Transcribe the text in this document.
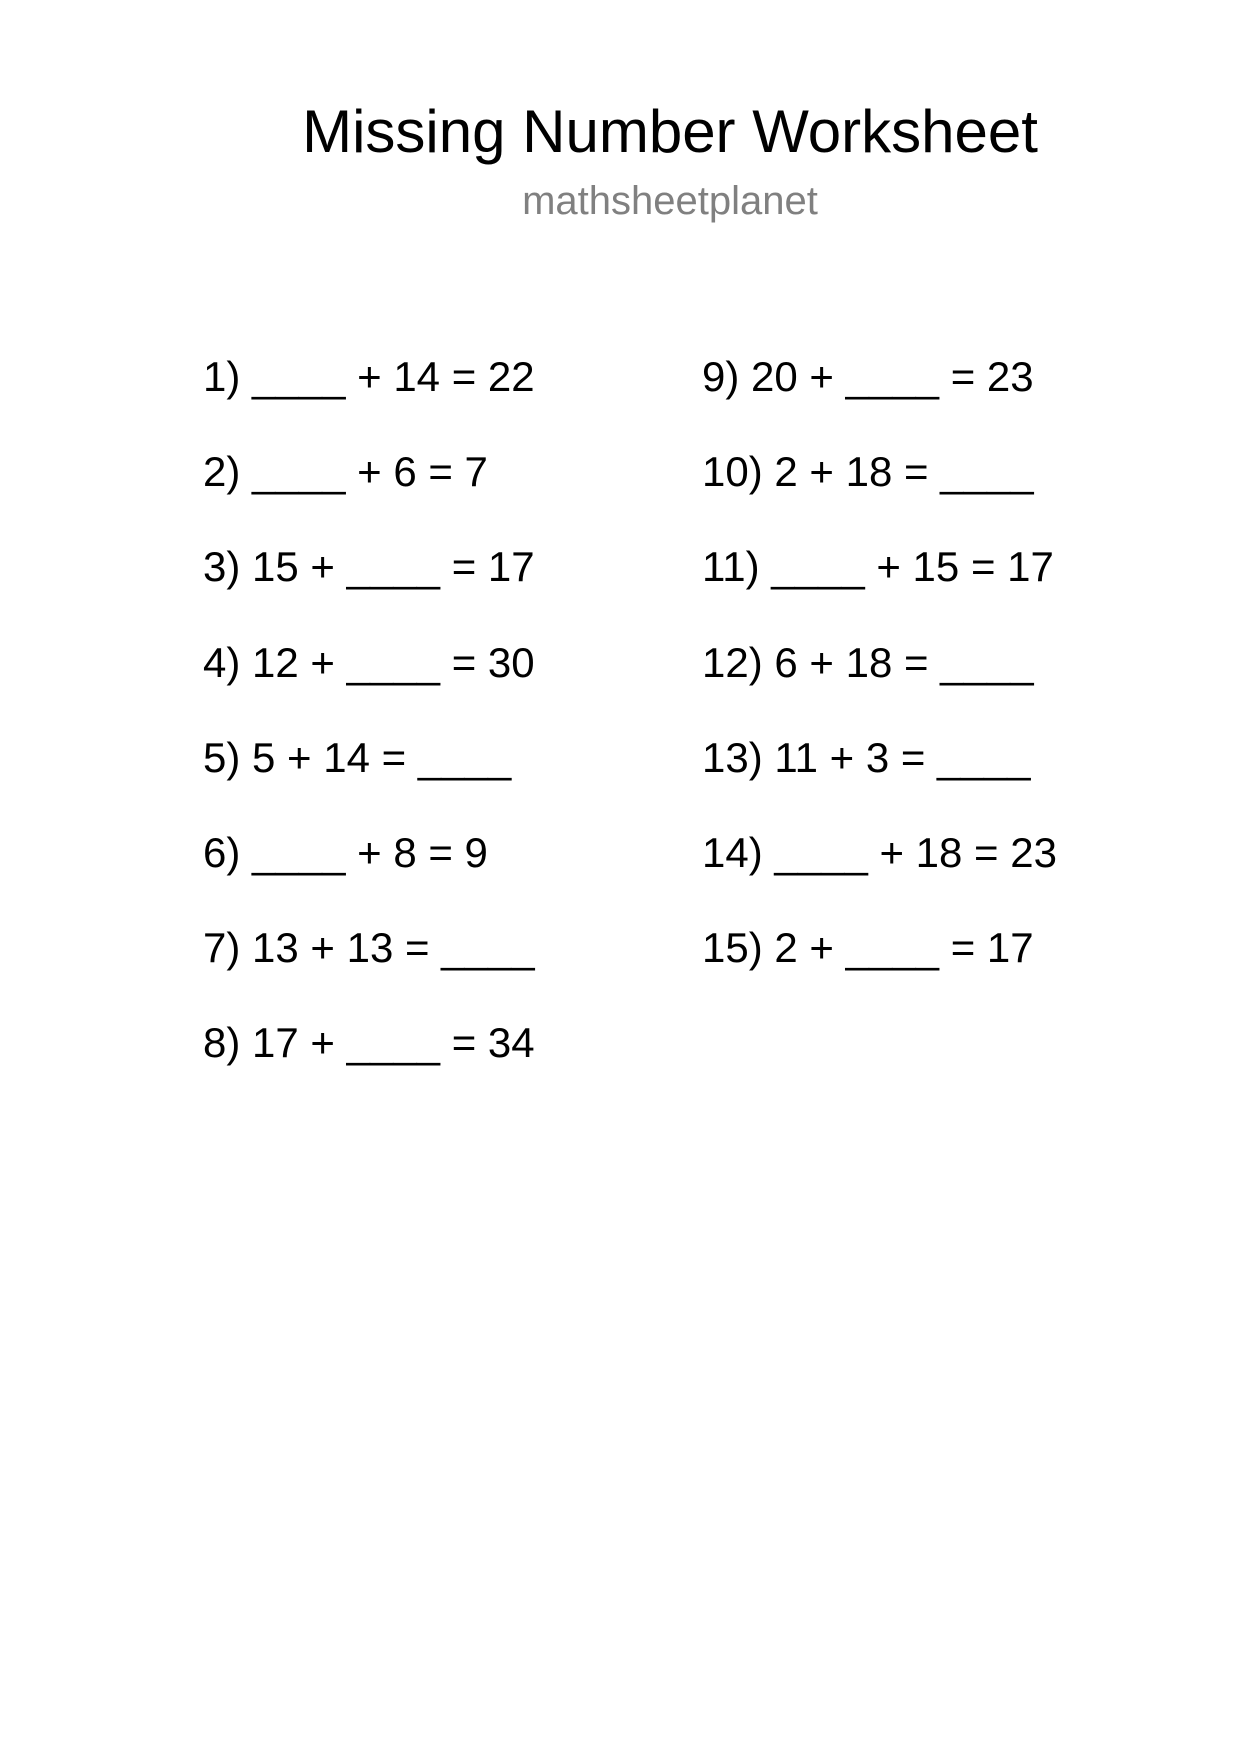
Missing Number Worksheet
mathsheetplanet
1) ____ + 14 = 22
2) ____ + 6 = 7
3) 15 + ____ = 17
4) 12 + ____ = 30
5) 5 + 14 = ____
6) ____ + 8 = 9
7) 13 + 13 = ____
8) 17 + ____ = 34
9) 20 + ____ = 23
10) 2 + 18 = ____
11) ____ + 15 = 17
12) 6 + 18 = ____
13) 11 + 3 = ____
14) ____ + 18 = 23
15) 2 + ____ = 17
